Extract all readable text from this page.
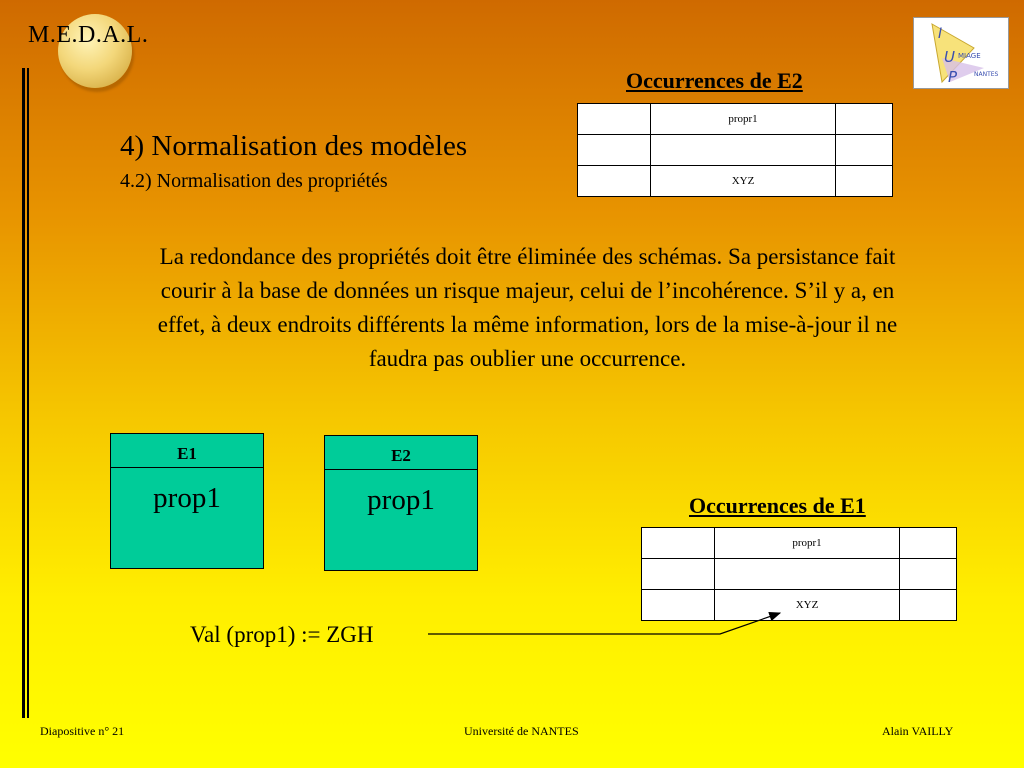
M.E.D.A.L.	I
U
P
MIAGE
NANTES
Occurrences de E2
	propr1	

	XYZ	
4) Normalisation des modèles
4.2) Normalisation des propriétés
La redondance des propriétés doit être éliminée des schémas. Sa persistance fait courir à la base de données un risque majeur, celui de l’incohérence. S’il y a, en effet, à deux endroits différents la même information, lors de la mise-à-jour il ne faudra pas oublier une occurrence.
E1
prop1
E2
prop1	Occurrences de E1
	propr1	

	XYZ	
Val (prop1) := ZGH
Diapositive n° 21	Université de NANTES	Alain VAILLY
